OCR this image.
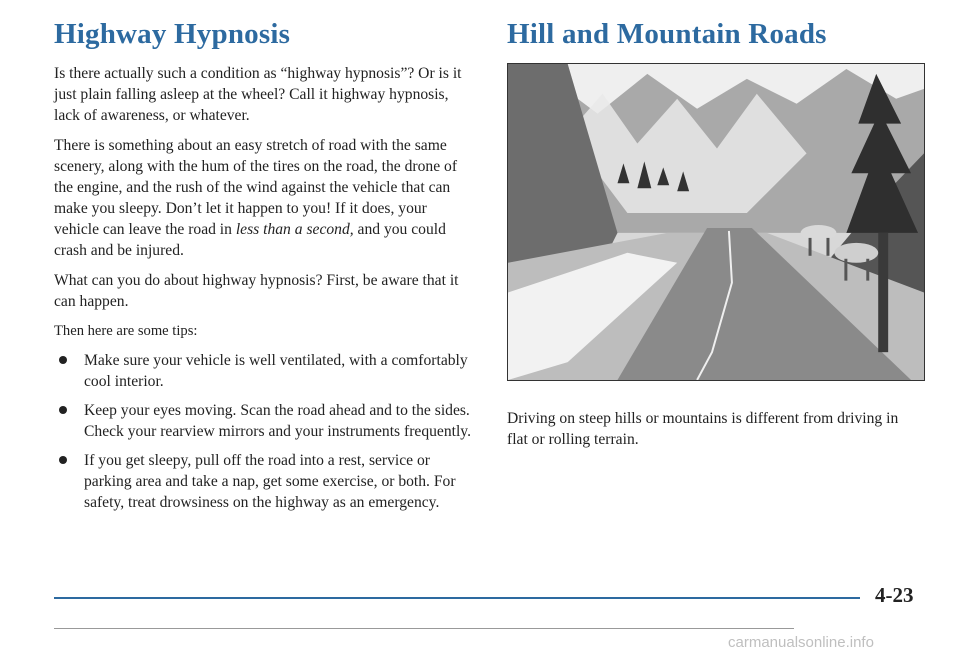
Highway Hypnosis

Is there actually such a condition as “highway hypnosis”? Or is it just plain falling asleep at the wheel? Call it highway hypnosis, lack of awareness, or whatever.

There is something about an easy stretch of road with the same scenery, along with the hum of the tires on the road, the drone of the engine, and the rush of the wind against the vehicle that can make you sleepy. Don’t let it happen to you! If it does, your vehicle can leave the road in less than a second, and you could crash and be injured.

What can you do about highway hypnosis? First, be aware that it can happen.

Then here are some tips:

Make sure your vehicle is well ventilated, with a comfortably cool interior.
Keep your eyes moving. Scan the road ahead and to the sides. Check your rearview mirrors and your instruments frequently.
If you get sleepy, pull off the road into a rest, service or parking area and take a nap, get some exercise, or both. For safety, treat drowsiness on the highway as an emergency.
Hill and Mountain Roads

Driving on steep hills or mountains is different from driving in flat or rolling terrain.

4-23
carmanualsonline.info
